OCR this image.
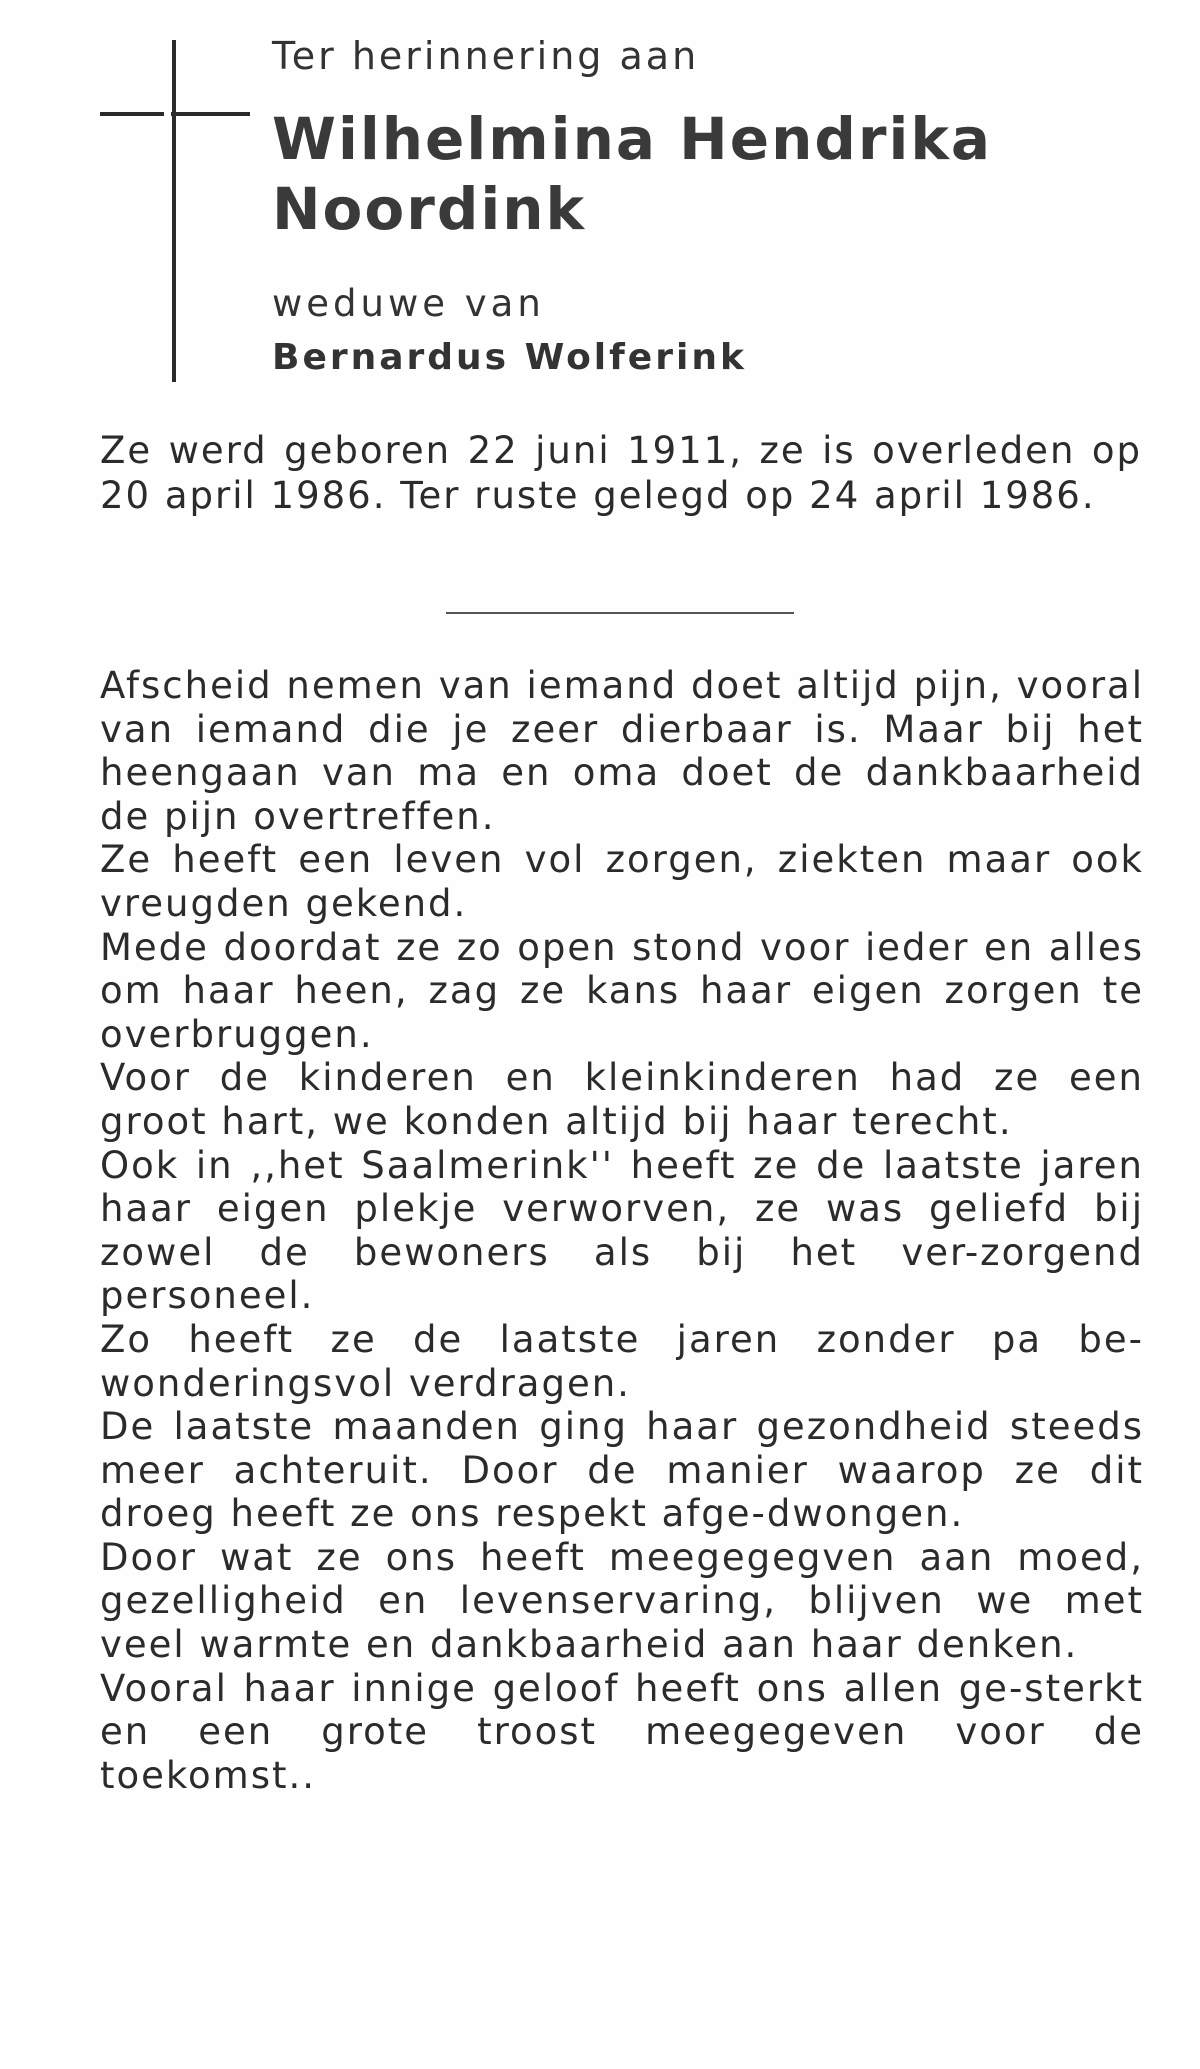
Ter herinnering aan
Wilhelmina Hendrika
Noordink
weduwe van
Bernardus Wolferink
Ze werd geboren 22 juni 1911, ze is overleden op 20 april 1986. Ter ruste gelegd op 24 april 1986.

Afscheid nemen van iemand doet altijd pijn, vooral van iemand die je zeer dierbaar is. Maar bij het heengaan van ma en oma doet de dankbaarheid de pijn overtreffen.

Ze heeft een leven vol zorgen, ziekten maar ook vreugden gekend.

Mede doordat ze zo open stond voor ieder en alles om haar heen, zag ze kans haar eigen zorgen te overbruggen.

Voor de kinderen en kleinkinderen had ze een groot hart, we konden altijd bij haar terecht.

Ook in ,,het Saalmerink'' heeft ze de laatste jaren haar eigen plekje verworven, ze was geliefd bij zowel de bewoners als bij het ver-zorgend personeel.

Zo heeft ze de laatste jaren zonder pa be-wonderingsvol verdragen.

De laatste maanden ging haar gezondheid steeds meer achteruit. Door de manier waarop ze dit droeg heeft ze ons respekt afge-dwongen.

Door wat ze ons heeft meegegegven aan moed, gezelligheid en levenservaring, blijven we met veel warmte en dankbaarheid aan haar denken.

Vooral haar innige geloof heeft ons allen ge-sterkt en een grote troost meegegeven voor de toekomst..
